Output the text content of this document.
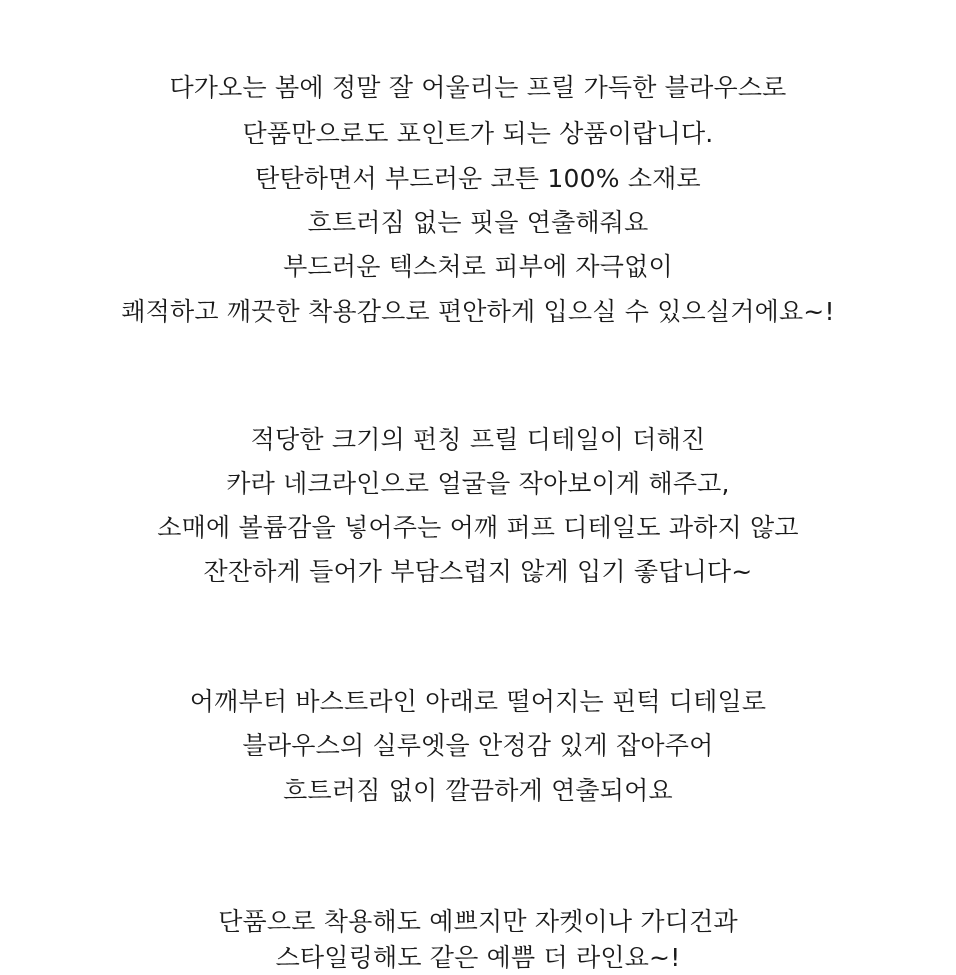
다가오는 봄에 정말 잘 어울리는 프릴 가득한 블라우스로
단품만으로도 포인트가 되는 상품이랍니다.
탄탄하면서 부드러운 코튼 100% 소재로
흐트러짐 없는 핏을 연출해줘요
부드러운 텍스처로 피부에 자극없이
쾌적하고 깨끗한 착용감으로 편안하게 입으실 수 있으실거에요~!
적당한 크기의 펀칭 프릴 디테일이 더해진
카라 네크라인으로 얼굴을 작아보이게 해주고,
소매에 볼륨감을 넣어주는 어깨 퍼프 디테일도 과하지 않고
잔잔하게 들어가 부담스럽지 않게 입기 좋답니다~
어깨부터 바스트라인 아래로 떨어지는 핀턱 디테일로
블라우스의 실루엣을 안정감 있게 잡아주어
흐트러짐 없이 깔끔하게 연출되어요
단품으로 착용해도 예쁘지만 자켓이나 가디건과
스타일링해도 같은 예쁨 더 라인요~!
